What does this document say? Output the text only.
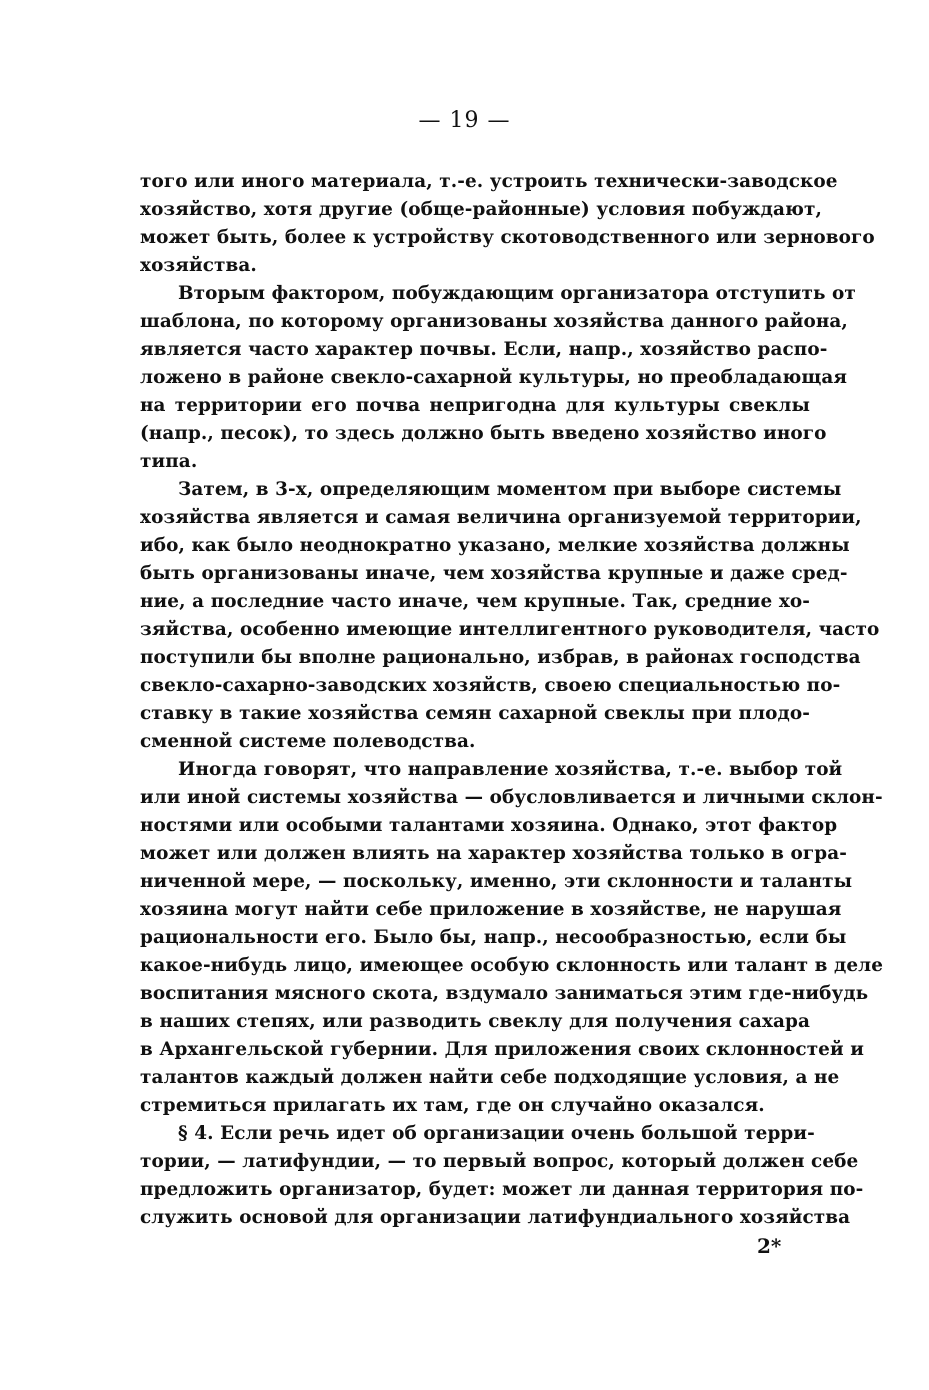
— 19 —
того или иного материала, т.-е. устроить технически-заводское
хозяйство, хотя другие (обще-районные) условия побуждают,
может быть, более к устройству скотоводственного или зернового
хозяйства.
Вторым фактором, побуждающим организатора отступить от
шаблона, по которому организованы хозяйства данного района,
является часто характер почвы. Если, напр., хозяйство распо-
ложено в районе свекло-сахарной культуры, но преобладающая
на территории его почва непригодна для культуры свеклы
(напр., песок), то здесь должно быть введено хозяйство иного
типа.
Затем, в 3-х, определяющим моментом при выборе системы
хозяйства является и самая величина организуемой территории,
ибо, как было неоднократно указано, мелкие хозяйства должны
быть организованы иначе, чем хозяйства крупные и даже сред-
ние, а последние часто иначе, чем крупные. Так, средние хо-
зяйства, особенно имеющие интеллигентного руководителя, часто
поступили бы вполне рационально, избрав, в районах господства
свекло-сахарно-заводских хозяйств, своею специальностью по-
ставку в такие хозяйства семян сахарной свеклы при плодо-
сменной системе полеводства.
Иногда говорят, что направление хозяйства, т.-е. выбор той
или иной системы хозяйства — обусловливается и личными склон-
ностями или особыми талантами хозяина. Однако, этот фактор
может или должен влиять на характер хозяйства только в огра-
ниченной мере, — поскольку, именно, эти склонности и таланты
хозяина могут найти себе приложение в хозяйстве, не нарушая
рациональности его. Было бы, напр., несообразностью, если бы
какое-нибудь лицо, имеющее особую склонность или талант в деле
воспитания мясного скота, вздумало заниматься этим где-нибудь
в наших степях, или разводить свеклу для получения сахара
в Архангельской губернии. Для приложения своих склонностей и
талантов каждый должен найти себе подходящие условия, а не
стремиться прилагать их там, где он случайно оказался.
§ 4. Если речь идет об организации очень большой терри-
тории, — латифундии, — то первый вопрос, который должен себе
предложить организатор, будет: может ли данная территория по-
служить основой для организации латифундиального хозяйства
2*
